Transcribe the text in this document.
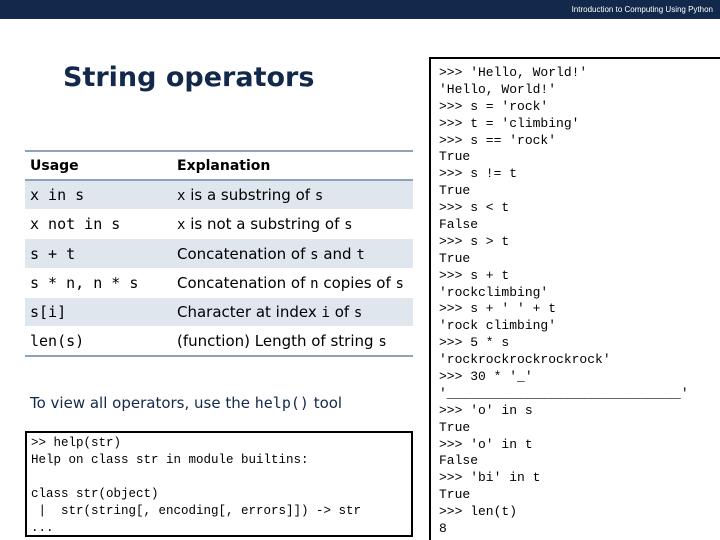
Introduction to Computing Using Python
String operators
Usage	Explanation
x in s	x is a substring of s
x not in s	x is not a substring of s
s + t	Concatenation of s and t
s * n, n * s	Concatenation of n copies of s
s[i]	Character at index i of s
len(s)	(function) Length of string s
To view all operators, use the help() tool
>> help(str)
Help on class str in module builtins:

class str(object)
|  str(string[, encoding[, errors]]) -> str
...
>>> 'Hello, World!'
'Hello, World!'
>>> s = 'rock'
>>> t = 'climbing'
>>> s == 'rock'
True
>>> s != t
True
>>> s < t
False
>>> s > t
True
>>> s + t
'rockclimbing'
>>> s + ' ' + t
'rock climbing'
>>> 5 * s
'rockrockrockrockrock'
>>> 30 * '_'
'______________________________'
>>> 'o' in s
True
>>> 'o' in t
False
>>> 'bi' in t
True
>>> len(t)
8
